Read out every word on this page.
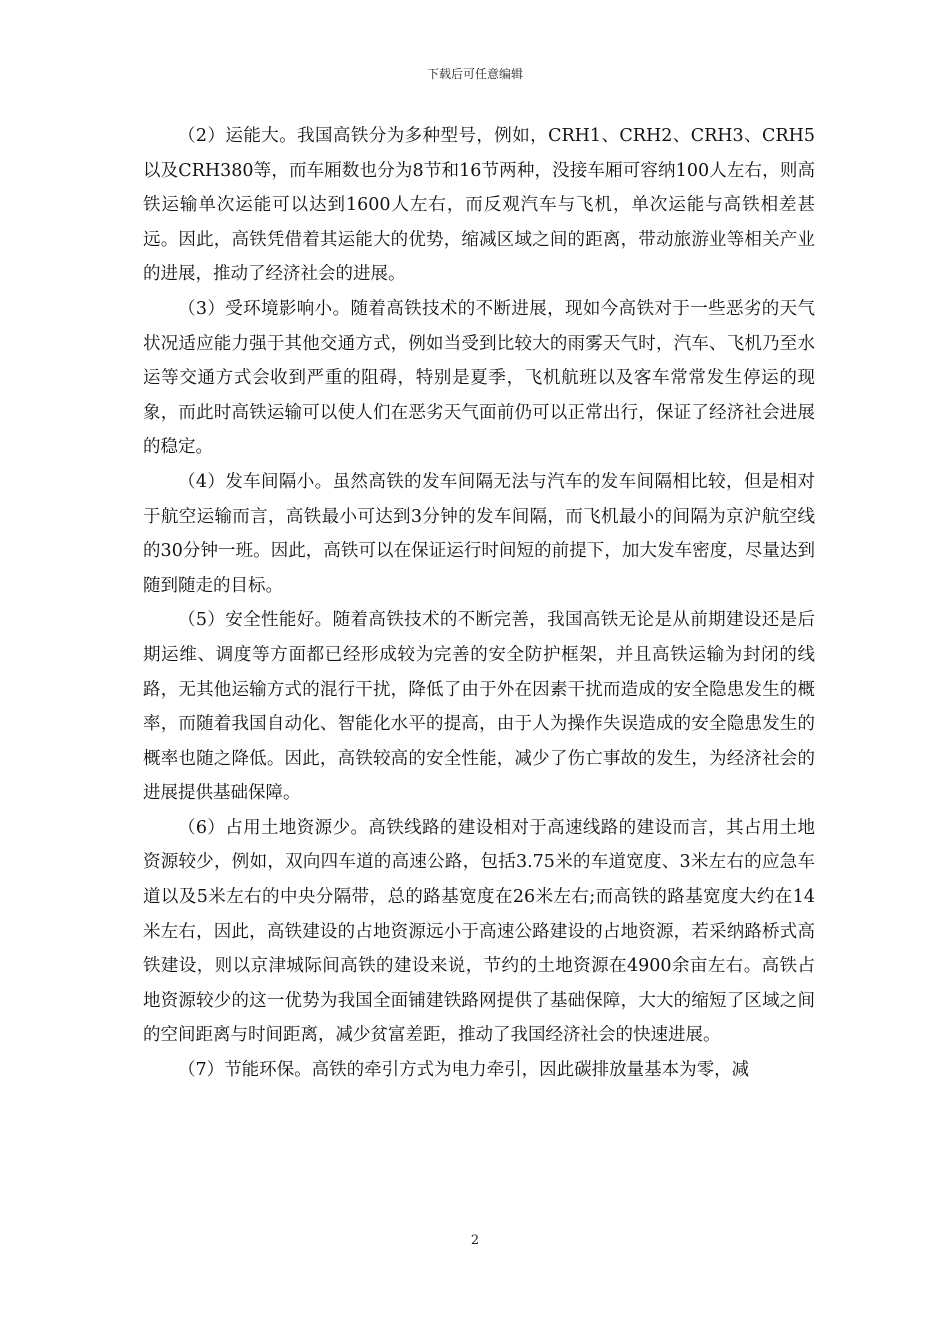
下载后可任意编辑

（2）运能大。我国高铁分为多种型号，例如，CRH1、CRH2、CRH3、CRH5以及CRH380等，而车厢数也分为8节和16节两种，没接车厢可容纳100人左右，则高铁运输单次运能可以达到1600人左右，而反观汽车与飞机，单次运能与高铁相差甚远。因此，高铁凭借着其运能大的优势，缩减区域之间的距离，带动旅游业等相关产业的进展，推动了经济社会的进展。

（3）受环境影响小。随着高铁技术的不断进展，现如今高铁对于一些恶劣的天气状况适应能力强于其他交通方式，例如当受到比较大的雨雾天气时，汽车、飞机乃至水运等交通方式会收到严重的阻碍，特别是夏季，飞机航班以及客车常常发生停运的现象，而此时高铁运输可以使人们在恶劣天气面前仍可以正常出行，保证了经济社会进展的稳定。

（4）发车间隔小。虽然高铁的发车间隔无法与汽车的发车间隔相比较，但是相对于航空运输而言，高铁最小可达到3分钟的发车间隔，而飞机最小的间隔为京沪航空线的30分钟一班。因此，高铁可以在保证运行时间短的前提下，加大发车密度，尽量达到随到随走的目标。

（5）安全性能好。随着高铁技术的不断完善，我国高铁无论是从前期建设还是后期运维、调度等方面都已经形成较为完善的安全防护框架，并且高铁运输为封闭的线路，无其他运输方式的混行干扰，降低了由于外在因素干扰而造成的安全隐患发生的概率，而随着我国自动化、智能化水平的提高，由于人为操作失误造成的安全隐患发生的概率也随之降低。因此，高铁较高的安全性能，减少了伤亡事故的发生，为经济社会的进展提供基础保障。

（6）占用土地资源少。高铁线路的建设相对于高速线路的建设而言，其占用土地资源较少，例如，双向四车道的高速公路，包括3.75米的车道宽度、3米左右的应急车道以及5米左右的中央分隔带，总的路基宽度在26米左右;而高铁的路基宽度大约在14米左右，因此，高铁建设的占地资源远小于高速公路建设的占地资源，若采纳路桥式高铁建设，则以京津城际间高铁的建设来说，节约的土地资源在4900余亩左右。高铁占地资源较少的这一优势为我国全面铺建铁路网提供了基础保障，大大的缩短了区域之间的空间距离与时间距离，减少贫富差距，推动了我国经济社会的快速进展。

（7）节能环保。高铁的牵引方式为电力牵引，因此碳排放量基本为零，减

2
